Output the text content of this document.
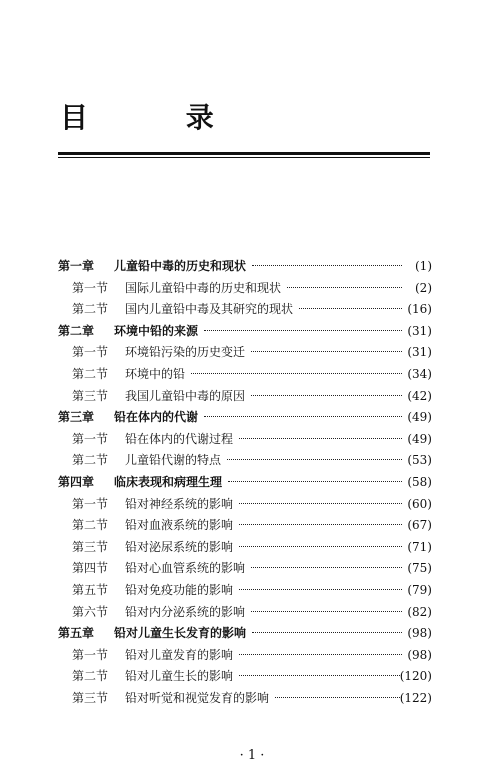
目 录
第一章	儿童铅中毒的历史和现状	(1)
第一节	国际儿童铅中毒的历史和现状	(2)
第二节	国内儿童铅中毒及其研究的现状	(16)
第二章	环境中铅的来源	(31)
第一节	环境铅污染的历史变迁	(31)
第二节	环境中的铅	(34)
第三节	我国儿童铅中毒的原因	(42)
第三章	铅在体内的代谢	(49)
第一节	铅在体内的代谢过程	(49)
第二节	儿童铅代谢的特点	(53)
第四章	临床表现和病理生理	(58)
第一节	铅对神经系统的影响	(60)
第二节	铅对血液系统的影响	(67)
第三节	铅对泌尿系统的影响	(71)
第四节	铅对心血管系统的影响	(75)
第五节	铅对免疫功能的影响	(79)
第六节	铅对内分泌系统的影响	(82)
第五章	铅对儿童生长发育的影响	(98)
第一节	铅对儿童发育的影响	(98)
第二节	铅对儿童生长的影响	(120)
第三节	铅对听觉和视觉发育的影响	(122)
· 1 ·
